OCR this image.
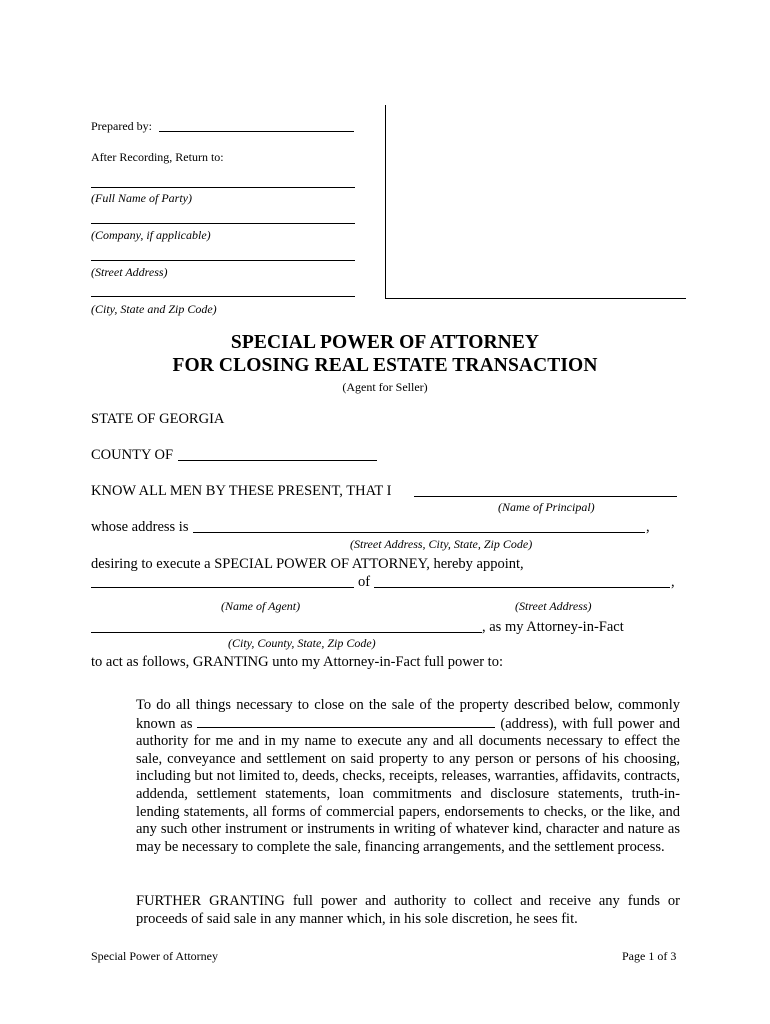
Prepared by:
After Recording, Return to:
(Full Name of Party)
(Company, if applicable)
(Street Address)
(City, State and Zip Code)
SPECIAL POWER OF ATTORNEY
FOR CLOSING REAL ESTATE TRANSACTION
(Agent for Seller)
STATE OF GEORGIA
COUNTY OF
KNOW ALL MEN BY THESE PRESENT, THAT I
(Name of Principal)
whose address is	,
(Street Address, City, State, Zip Code)
desiring to execute a SPECIAL POWER OF ATTORNEY, hereby appoint,
of	,
(Name of Agent)	(Street Address)
, as my Attorney-in-Fact
(City, County, State, Zip Code)
to act as follows, GRANTING unto my Attorney-in-Fact full power to:
To do all things necessary to close on the sale of the property described below, commonly known as	(address), with full power and authority for me and in my name to execute any and all documents necessary to effect the sale, conveyance and settlement on said property to any person or persons of his choosing, including but not limited to, deeds, checks, receipts, releases, warranties, affidavits, contracts, addenda, settlement statements, loan commitments and disclosure statements, truth-in-lending statements, all forms of commercial papers, endorsements to checks, or the like, and any such other instrument or instruments in writing of whatever kind, character and nature as may be necessary to complete the sale, financing arrangements, and the settlement process.
FURTHER GRANTING full power and authority to collect and receive any funds or proceeds of said sale in any manner which, in his sole discretion, he sees fit.
Special Power of Attorney	Page 1 of 3
